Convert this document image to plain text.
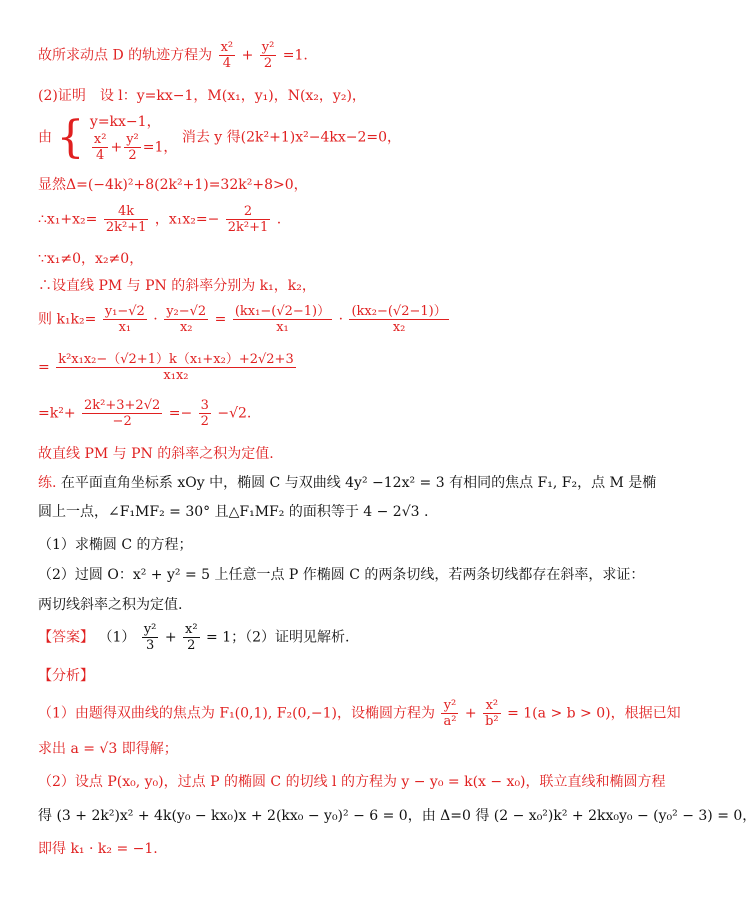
故所求动点 D 的轨迹方程为 $\frac{\text{x²}}{4} + \frac{\text{y²}}{2} =1$.
(2)证明　设 l：y=kx−1，M(x₁，y₁)，N(x₂，y₂)，
由 { y=kx−1，
$\frac{\text{x²}}{4} + \frac{\text{y²}}{2} =1$，
消去 y 得(2k²+1)x²−4kx−2=0，
显然Δ=(−4k)²+8(2k²+1)=32k²+8>0，
∴x₁+x₂= $\frac{4k}{\text{2k²+1}}$ ，$x_1x_2=- \frac{2}{\text{2k²+1}}$ .
∵x₁≠0，x₂≠0，
∴设直线 PM 与 PN 的斜率分别为 k₁，k₂，
则 $k_1k_2= \frac{\text{y₁−√2}}{\text{x₁}} \cdot \frac{\text{y₂−√2}}{\text{x₂}} = \frac{\text{(kx₁−(√2−1)）}}{\text{x₁}} \cdot \frac{\text{(kx₂−(√2−1)）}}{\text{x₂}}$
= $\frac{\text{k²x₁x₂−（√2+1）k（x₁+x₂）+2√2+3}}{\text{x₁x₂}}$
$=k^2+ \frac{\text{2k²+3+2√2}}{-2} =- \frac{3}{2} -√2$.
故直线 PM 与 PN 的斜率之积为定值.
练. 在平面直角坐标系 xOy 中，椭圆 C 与双曲线 4y² −12x² = 3 有相同的焦点 F₁, F₂，点 M 是椭
圆上一点，∠F₁MF₂ = 30° 且△F₁MF₂ 的面积等于 4 − 2√3 .
（1）求椭圆 C 的方程；
（2）过圆 O：x² + y² = 5 上任意一点 P 作椭圆 C 的两条切线，若两条切线都存在斜率，求证：
两切线斜率之积为定值.
【答案】 $(1) \frac{\text{y²}}{3} + \frac{\text{x²}}{2} = 1$；（2）证明见解析.
【分析】
（1）由题得双曲线的焦点为 F₁(0,1), F₂(0,−1)，设椭圆方程为 $\frac{\text{y²}}{\text{a²}} + \frac{\text{x²}}{\text{b²}} = 1(a > b > 0)$，根据已知
求出 a = √3 即得解；
（2）设点 P(x₀, y₀)，过点 P 的椭圆 C 的切线 l 的方程为 y − y₀ = k(x − x₀)，联立直线和椭圆方程
得 (3 + 2k²)x² + 4k(y₀ − kx₀)x + 2(kx₀ − y₀)² − 6 = 0，由 Δ=0 得 (2 − x₀²)k² + 2kx₀y₀ − (y₀² − 3) = 0，
即得 k₁ · k₂ = −1.
